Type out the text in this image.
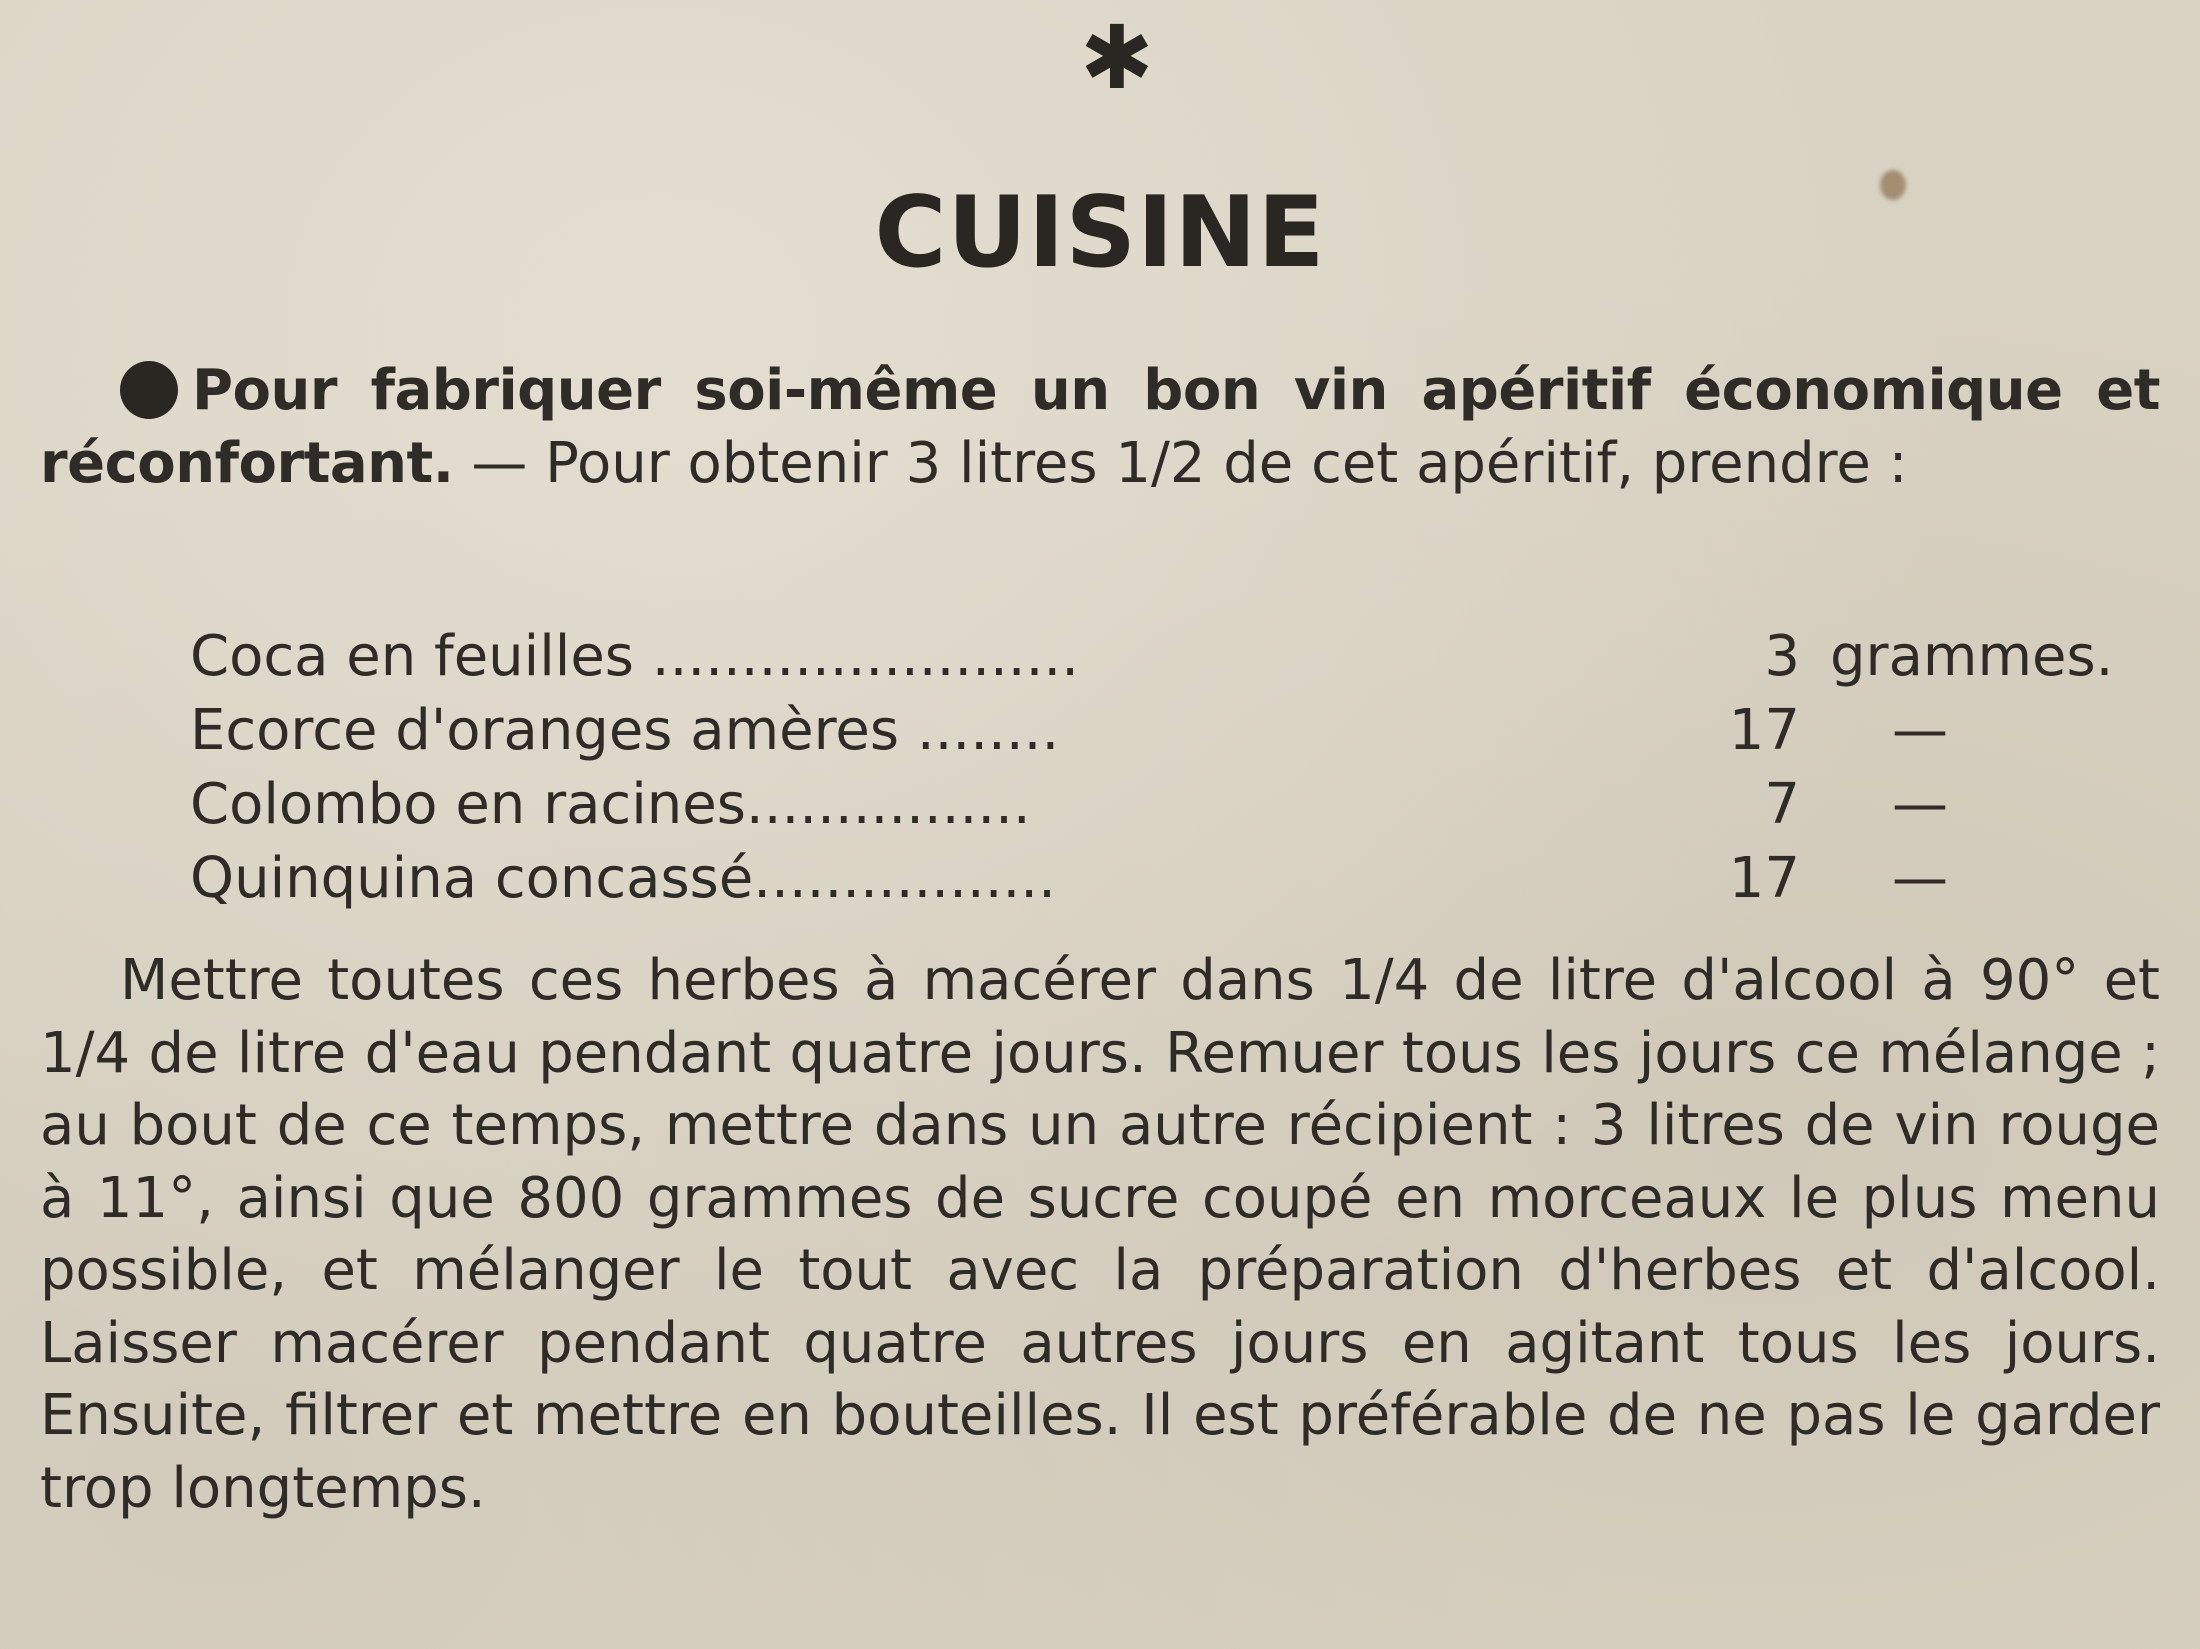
✱
CUISINE

Pour fabriquer soi-même un bon vin apéritif économique et réconfortant. — Pour obtenir 3 litres 1/2 de cet apéritif, prendre :

Coca en feuilles ........................	3 grammes.
Ecorce d'oranges amères ........	17	—
Colombo en racines................	7	—
Quinquina concassé.................	17	—

Mettre toutes ces herbes à macérer dans 1/4 de litre d'alcool à 90° et 1/4 de litre d'eau pendant quatre jours. Remuer tous les jours ce mélange ; au bout de ce temps, mettre dans un autre récipient : 3 litres de vin rouge à 11°, ainsi que 800 grammes de sucre coupé en morceaux le plus menu possible, et mélanger le tout avec la préparation d'herbes et d'alcool. Laisser macérer pendant quatre autres jours en agitant tous les jours. Ensuite, filtrer et mettre en bouteilles. Il est préférable de ne pas le garder trop longtemps.
